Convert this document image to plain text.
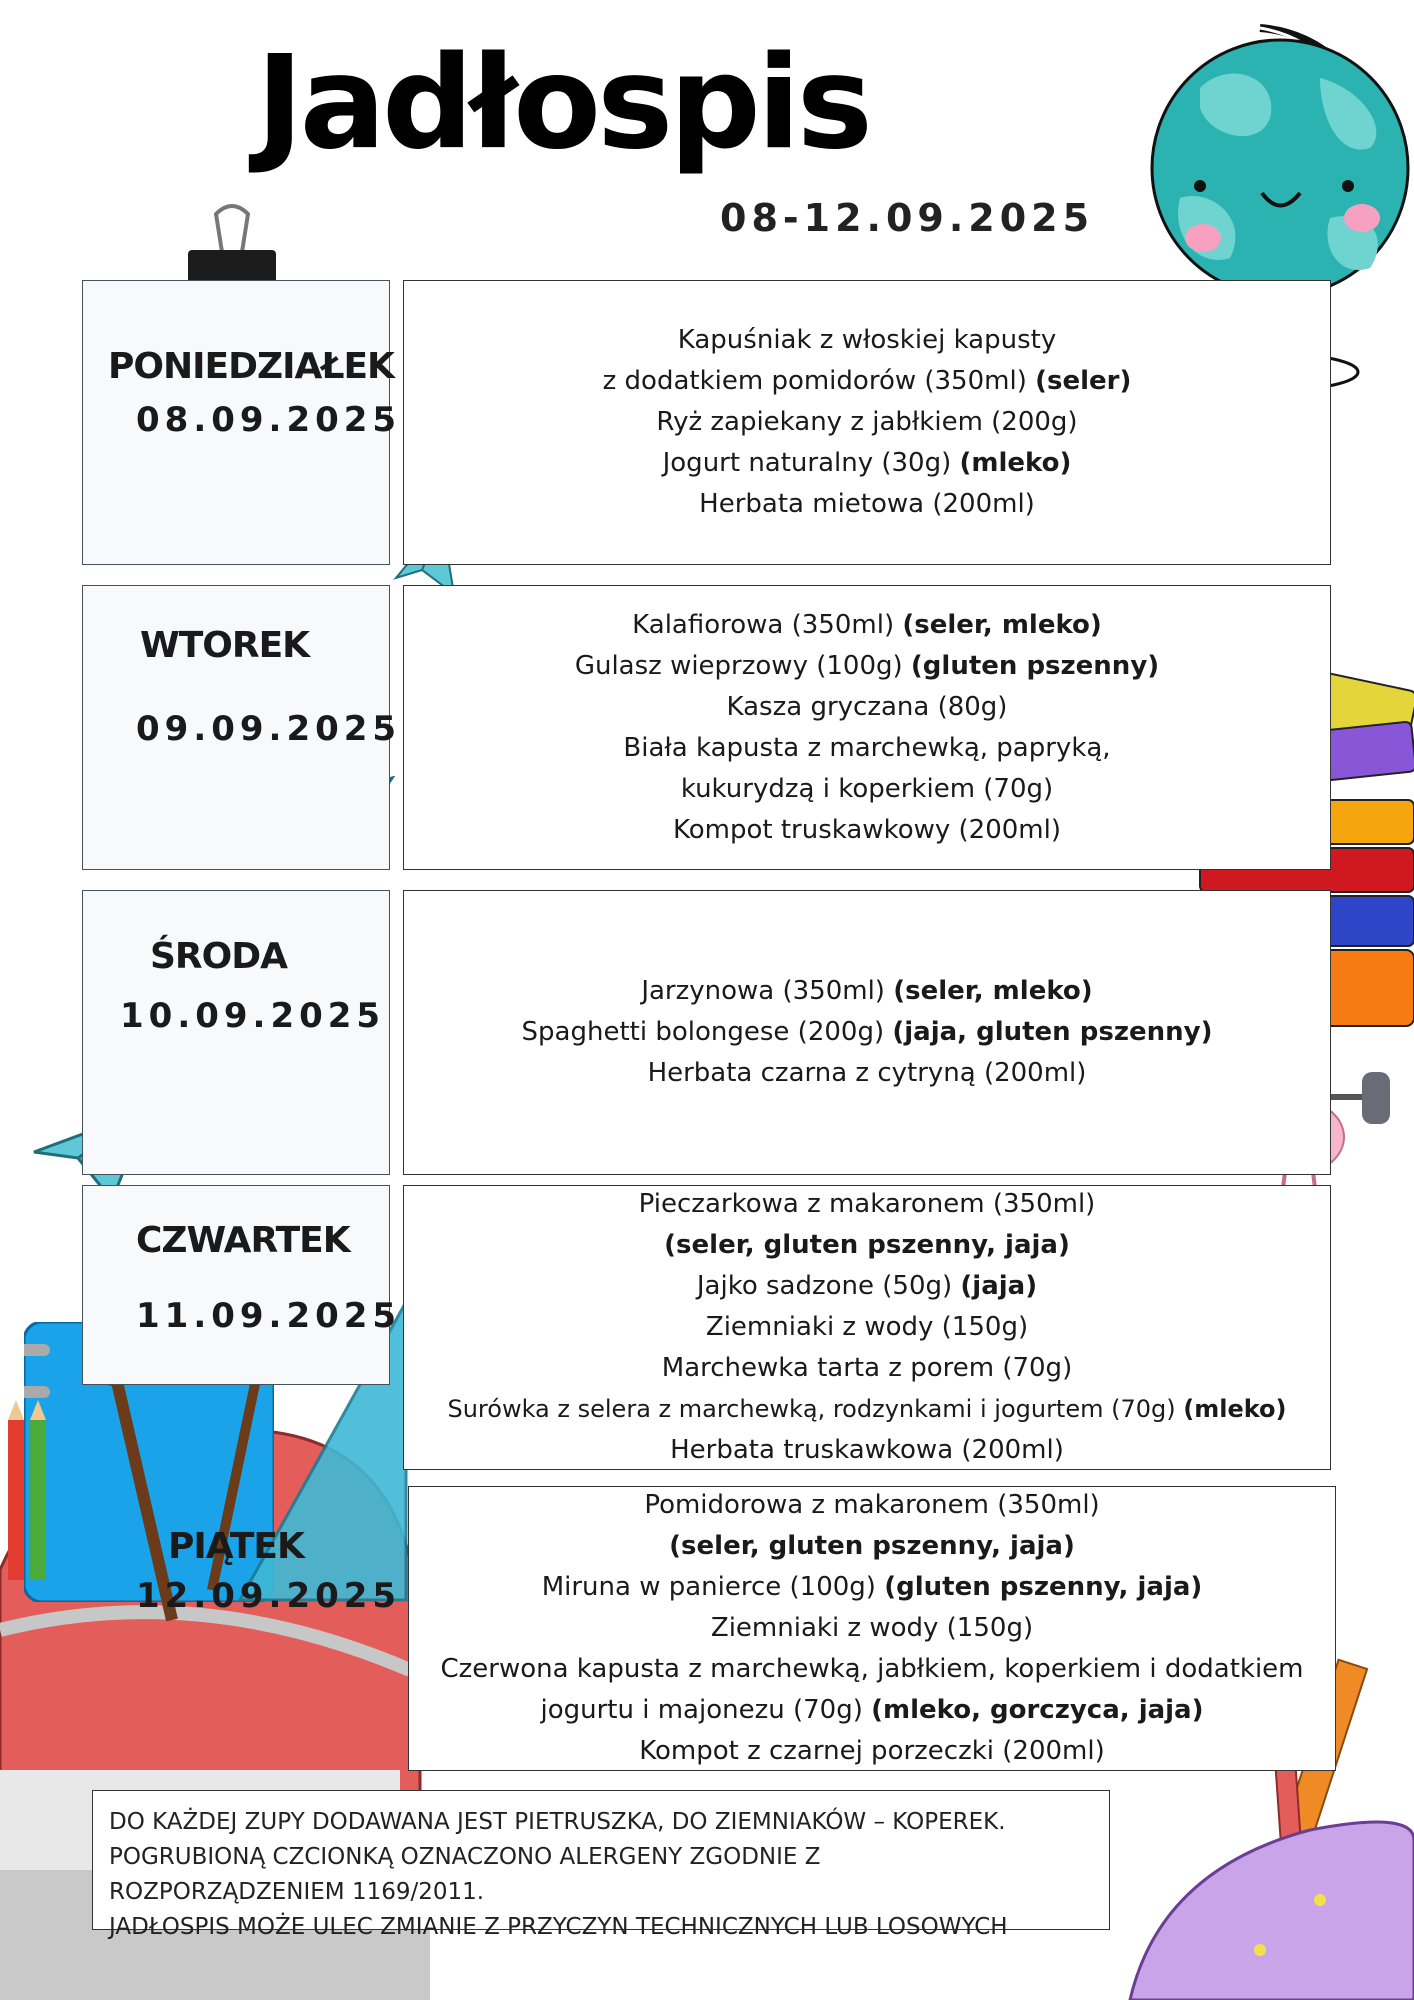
Jadłospis
08-12.09.2025
PONIEDZIAŁEK
08.09.2025
Kapuśniak z włoskiej kapusty
z dodatkiem pomidorów (350ml) (seler)
Ryż zapiekany z jabłkiem (200g)
Jogurt naturalny (30g) (mleko)
Herbata mietowa (200ml)
WTOREK
09.09.2025
Kalafiorowa (350ml) (seler, mleko)
Gulasz wieprzowy (100g) (gluten pszenny)
Kasza gryczana (80g)
Biała kapusta z marchewką, papryką,
kukurydzą i koperkiem (70g)
Kompot truskawkowy (200ml)
ŚRODA
10.09.2025
Jarzynowa (350ml) (seler, mleko)
Spaghetti bolongese (200g) (jaja, gluten pszenny)
Herbata czarna z cytryną (200ml)
CZWARTEK
11.09.2025
Pieczarkowa z makaronem (350ml)
(seler, gluten pszenny, jaja)
Jajko sadzone (50g) (jaja)
Ziemniaki z wody (150g)
Marchewka tarta z porem (70g)
Surówka z selera z marchewką, rodzynkami i jogurtem (70g) (mleko)
Herbata truskawkowa (200ml)
PIĄTEK
12.09.2025
Pomidorowa z makaronem (350ml)
(seler, gluten pszenny, jaja)
Miruna w panierce (100g) (gluten pszenny, jaja)
Ziemniaki z wody (150g)
Czerwona kapusta z marchewką, jabłkiem, koperkiem i dodatkiem
jogurtu i majonezu (70g) (mleko, gorczyca, jaja)
Kompot z czarnej porzeczki (200ml)
DO KAŻDEJ ZUPY DODAWANA JEST PIETRUSZKA, DO ZIEMNIAKÓW – KOPEREK.
POGRUBIONĄ CZCIONKĄ OZNACZONO ALERGENY ZGODNIE Z
ROZPORZĄDZENIEM 1169/2011.
JADŁOSPIS MOŻE ULEC ZMIANIE Z PRZYCZYN TECHNICZNYCH LUB LOSOWYCH
